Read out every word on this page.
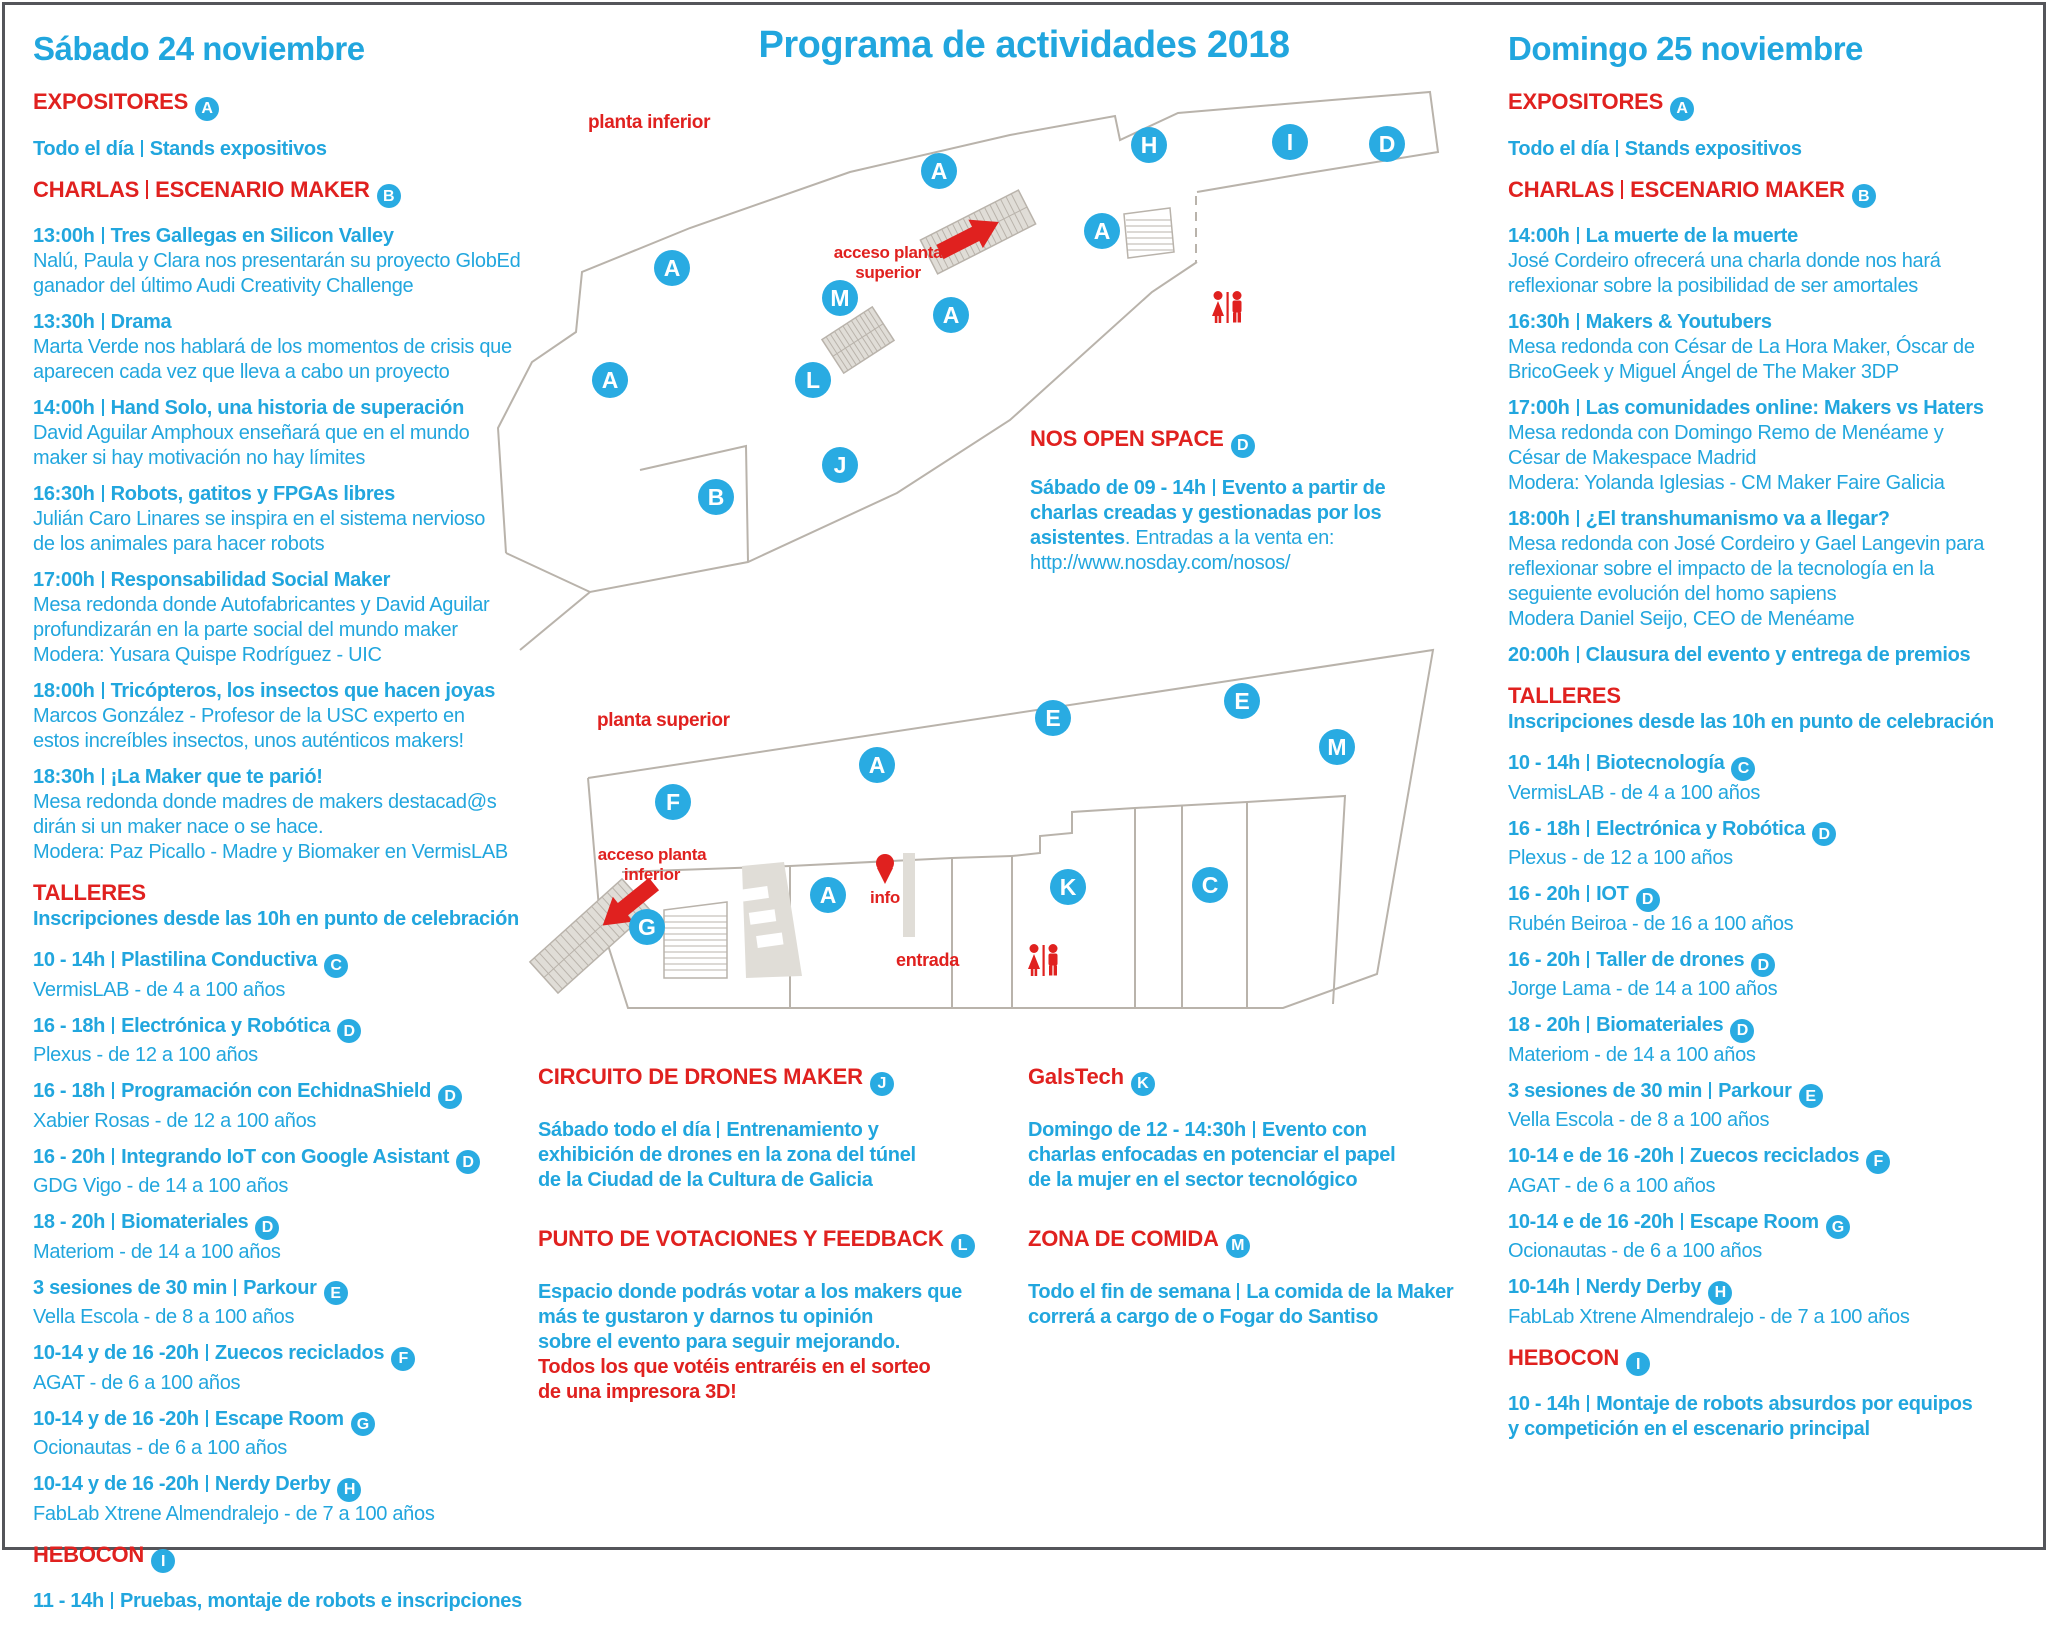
Programa de actividades 2018
Sábado 24 noviembre
EXPOSITORES A
Todo el día Stands expositivos
CHARLAS ESCENARIO MAKER B
13:00h Tres Gallegas en Silicon Valley
Nalú, Paula y Clara nos presentarán su proyecto GlobEd
ganador del último Audi Creativity Challenge
13:30h Drama
Marta Verde nos hablará de los momentos de crisis que
aparecen cada vez que lleva a cabo un proyecto
14:00h Hand Solo, una historia de superación
David Aguilar Amphoux enseñará que en el mundo
maker si hay motivación no hay límites
16:30h Robots, gatitos y FPGAs libres
Julián Caro Linares se inspira en el sistema nervioso
de los animales para hacer robots
17:00h Responsabilidad Social Maker
Mesa redonda donde Autofabricantes y David Aguilar
profundizarán en la parte social del mundo maker
Modera: Yusara Quispe Rodríguez - UIC
18:00h Tricópteros, los insectos que hacen joyas
Marcos González - Profesor de la USC experto en
estos increíbles insectos, unos auténticos makers!
18:30h ¡La Maker que te parió!
Mesa redonda donde madres de makers destacad@s
dirán si un maker nace o se hace.
Modera: Paz Picallo - Madre y Biomaker en VermisLAB
TALLERES
Inscripciones desde las 10h en punto de celebración
10 - 14h Plastilina Conductiva C
VermisLAB - de 4 a 100 años
16 - 18h Electrónica y Robótica D
Plexus - de 12 a 100 años
16 - 18h Programación con EchidnaShield D
Xabier Rosas - de 12 a 100 años
16 - 20h Integrando IoT con Google Asistant D
GDG Vigo - de 14 a 100 años
18 - 20h Biomateriales D
Materiom - de 14 a 100 años
3 sesiones de 30 min Parkour E
Vella Escola - de 8 a 100 años
10-14 y de 16 -20h Zuecos reciclados F
AGAT - de 6 a 100 años
10-14 y de 16 -20h Escape Room G
Ocionautas - de 6 a 100 años
10-14 y de 16 -20h Nerdy Derby H
FabLab Xtrene Almendralejo - de 7 a 100 años
HEBOCON I
11 - 14h Pruebas, montaje de robots e inscripciones
Domingo 25 noviembre
EXPOSITORES A
Todo el día Stands expositivos
CHARLAS ESCENARIO MAKER B
14:00h La muerte de la muerte
José Cordeiro ofrecerá una charla donde nos hará
reflexionar sobre la posibilidad de ser amortales
16:30h Makers & Youtubers
Mesa redonda con César de La Hora Maker, Óscar de
BricoGeek y Miguel Ángel de The Maker 3DP
17:00h Las comunidades online: Makers vs Haters
Mesa redonda con Domingo Remo de Menéame y
César de Makespace Madrid
Modera: Yolanda Iglesias - CM Maker Faire Galicia
18:00h ¿El transhumanismo va a llegar?
Mesa redonda con José Cordeiro y Gael Langevin para
reflexionar sobre el impacto de la tecnología en la
seguiente evolución del homo sapiens
Modera Daniel Seijo, CEO de Menéame
20:00h Clausura del evento y entrega de premios
TALLERES
Inscripciones desde las 10h en punto de celebración
10 - 14h Biotecnología C
VermisLAB - de 4 a 100 años
16 - 18h Electrónica y Robótica D
Plexus - de 12 a 100 años
16 - 20h IOT D
Rubén Beiroa - de 16 a 100 años
16 - 20h Taller de drones D
Jorge Lama - de 14 a 100 años
18 - 20h Biomateriales D
Materiom - de 14 a 100 años
3 sesiones de 30 min Parkour E
Vella Escola - de 8 a 100 años
10-14 e de 16 -20h Zuecos reciclados F
AGAT - de 6 a 100 años
10-14 e de 16 -20h Escape Room G
Ocionautas - de 6 a 100 años
10-14h Nerdy Derby H
FabLab Xtrene Almendralejo - de 7 a 100 años
HEBOCON I
10 - 14h Montaje de robots absurdos por equipos
y competición en el escenario principal
planta inferior
acceso planta
superior
planta superior
acceso planta
inferior
info
entrada
NOS OPEN SPACE D
Sábado de 09 - 14h Evento a partir de
charlas creadas y gestionadas por los
asistentes. Entradas a la venta en:
http://www.nosday.com/nosos/
CIRCUITO DE DRONES MAKER J
Sábado todo el día Entrenamiento y
exhibición de drones en la zona del túnel
de la Ciudad de la Cultura de Galicia
PUNTO DE VOTACIONES Y FEEDBACK L
Espacio donde podrás votar a los makers que
más te gustaron y darnos tu opinión
sobre el evento para seguir mejorando.
Todos los que votéis entraréis en el sorteo
de una impresora 3D!
GalsTech K
Domingo de 12 - 14:30h Evento con
charlas enfocadas en potenciar el papel
de la mujer en el sector tecnológico
ZONA DE COMIDA M
Todo el fin de semana La comida de la Maker
correrá a cargo de o Fogar do Santiso
A
A
A
M
A
L
J
B
H	I	D
A
F
A
E
E
M
G
A	K	C
